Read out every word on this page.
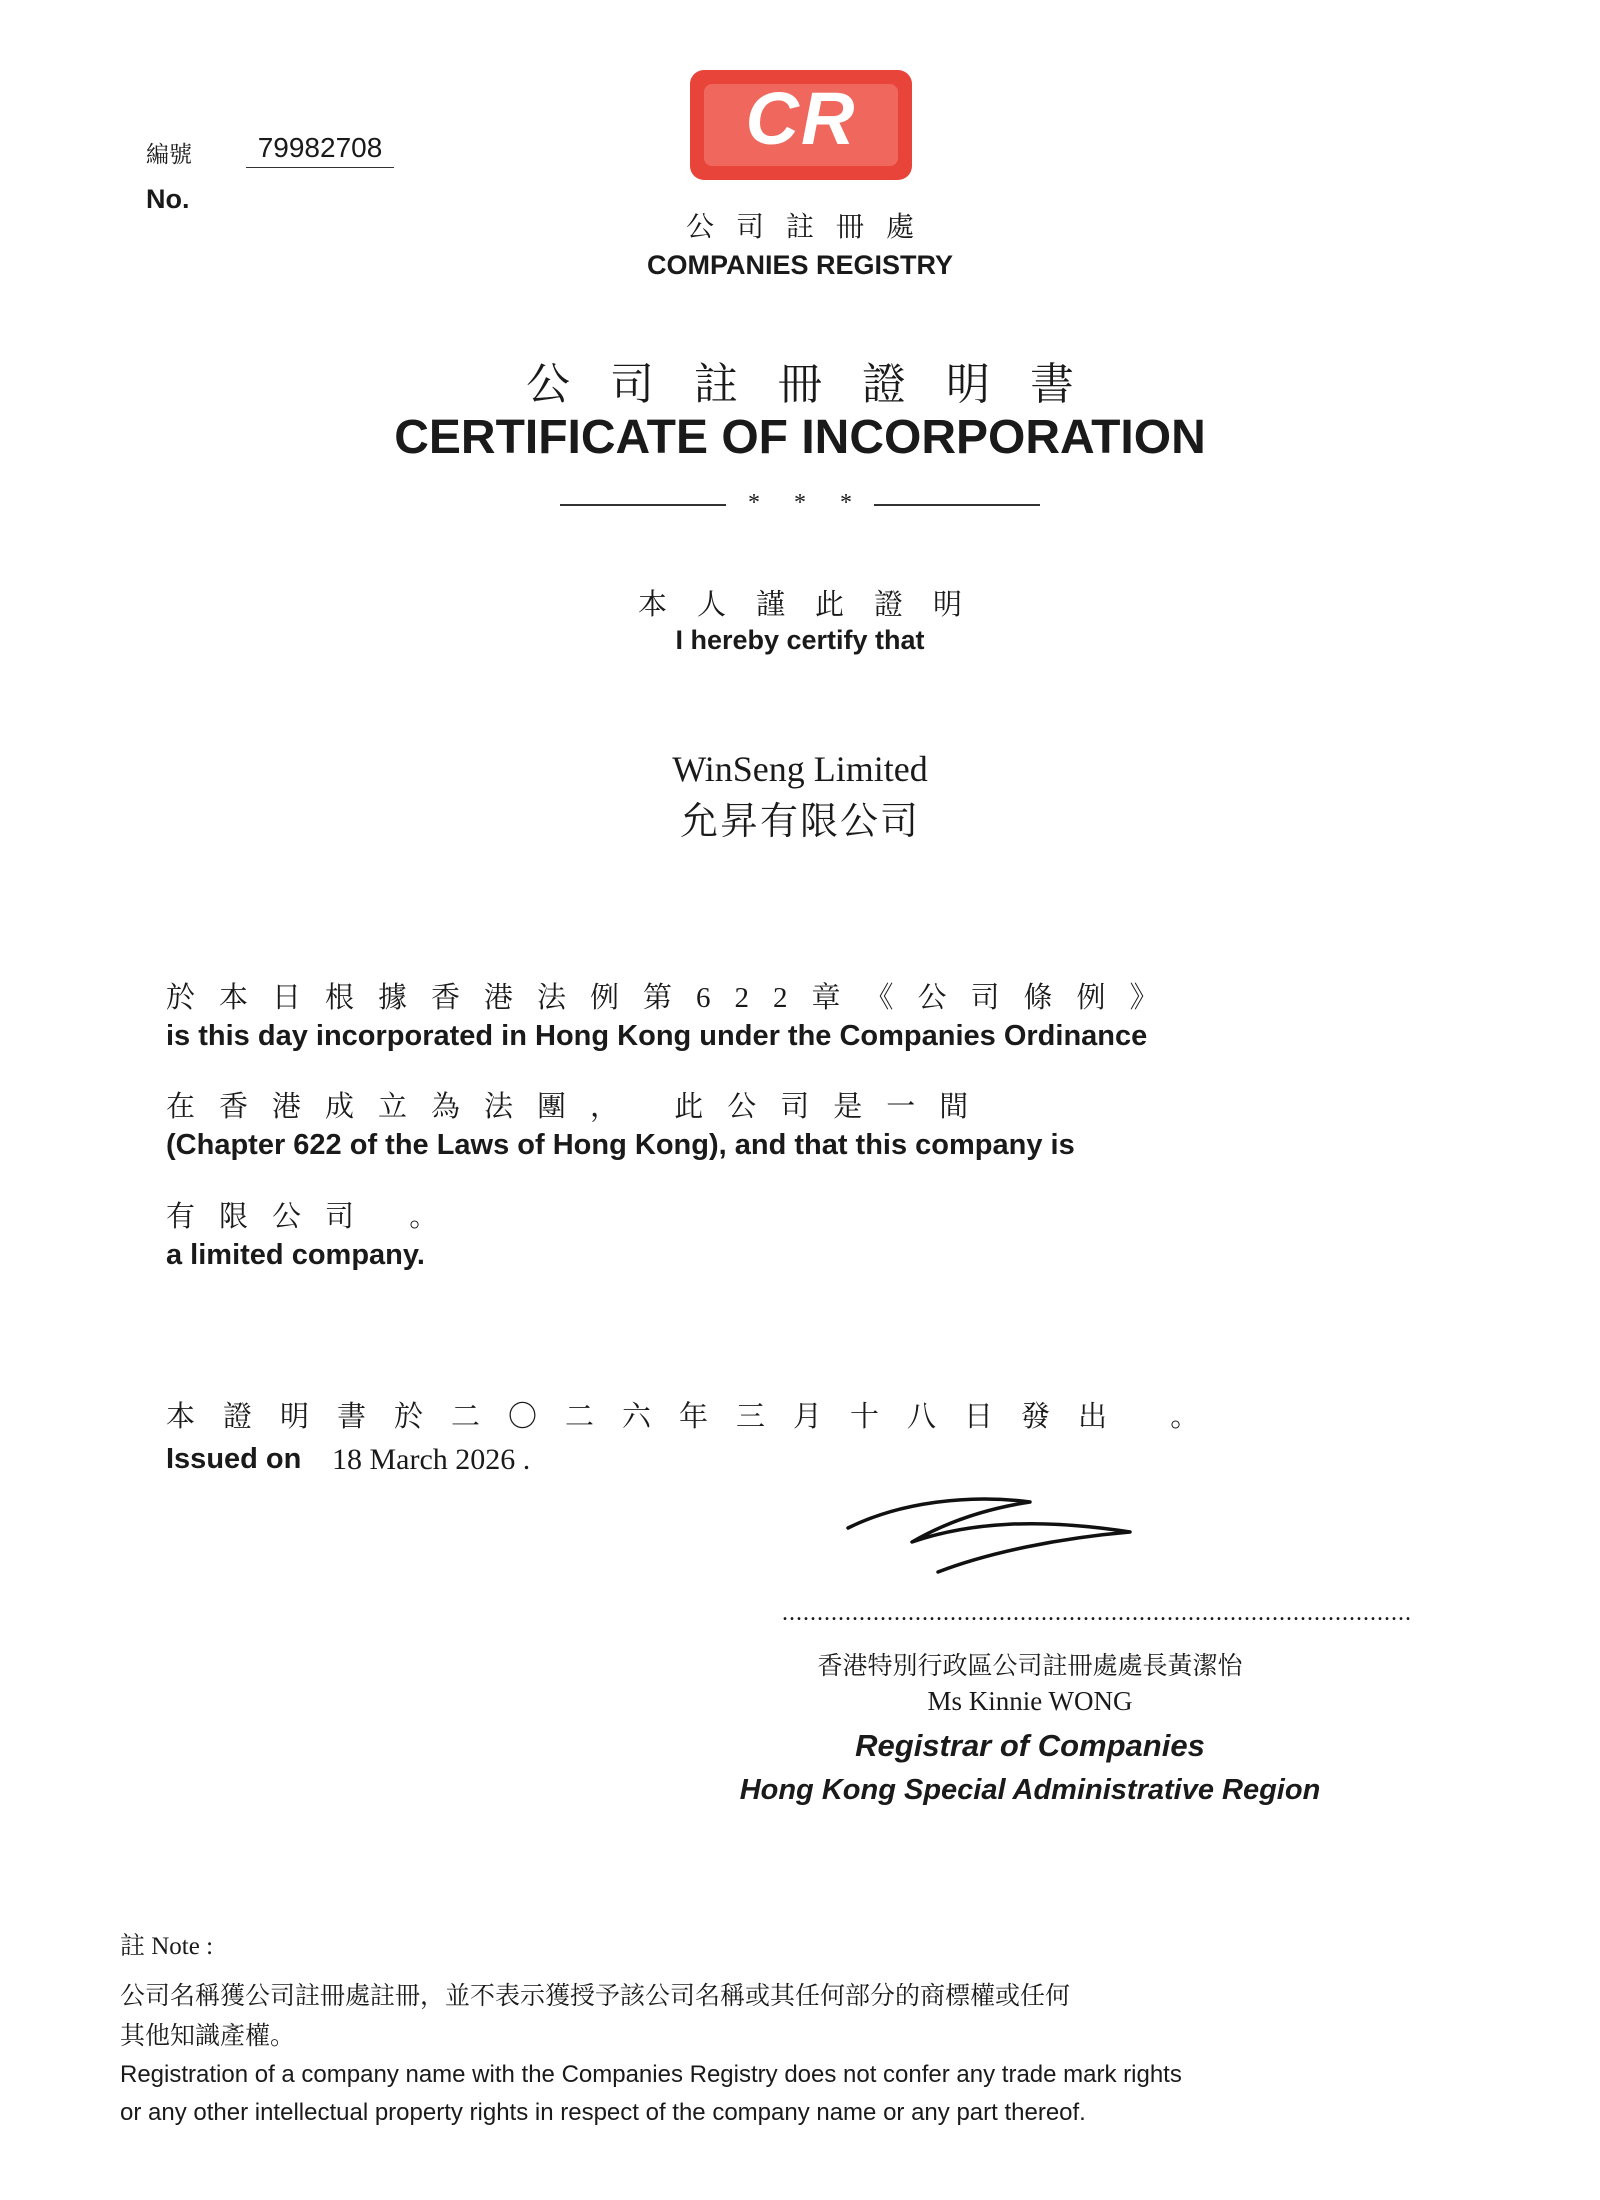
編號	79982708
No.
CR
公司註冊處
COMPANIES REGISTRY
公司註冊證明書
CERTIFICATE OF INCORPORATION
* * *
本人謹此證明
I hereby certify that
WinSeng Limited
允昇有限公司
於本日根據香港法例第622章《公司條例》
is this day incorporated in Hong Kong under the Companies Ordinance
在香港成立為法團， 此公司是一間
(Chapter 622 of the Laws of Hong Kong), and that this company is
有限公司 。
a limited company.
本證明書於二〇二六年三月十八日發出 。
Issued on 18 March 2026 .
..........................................................................................
香港特別行政區公司註冊處處長黃潔怡
Ms Kinnie WONG
Registrar of Companies
Hong Kong Special Administrative Region
註 Note :
公司名稱獲公司註冊處註冊，並不表示獲授予該公司名稱或其任何部分的商標權或任何
其他知識產權。
Registration of a company name with the Companies Registry does not confer any trade mark rights
or any other intellectual property rights in respect of the company name or any part thereof.
